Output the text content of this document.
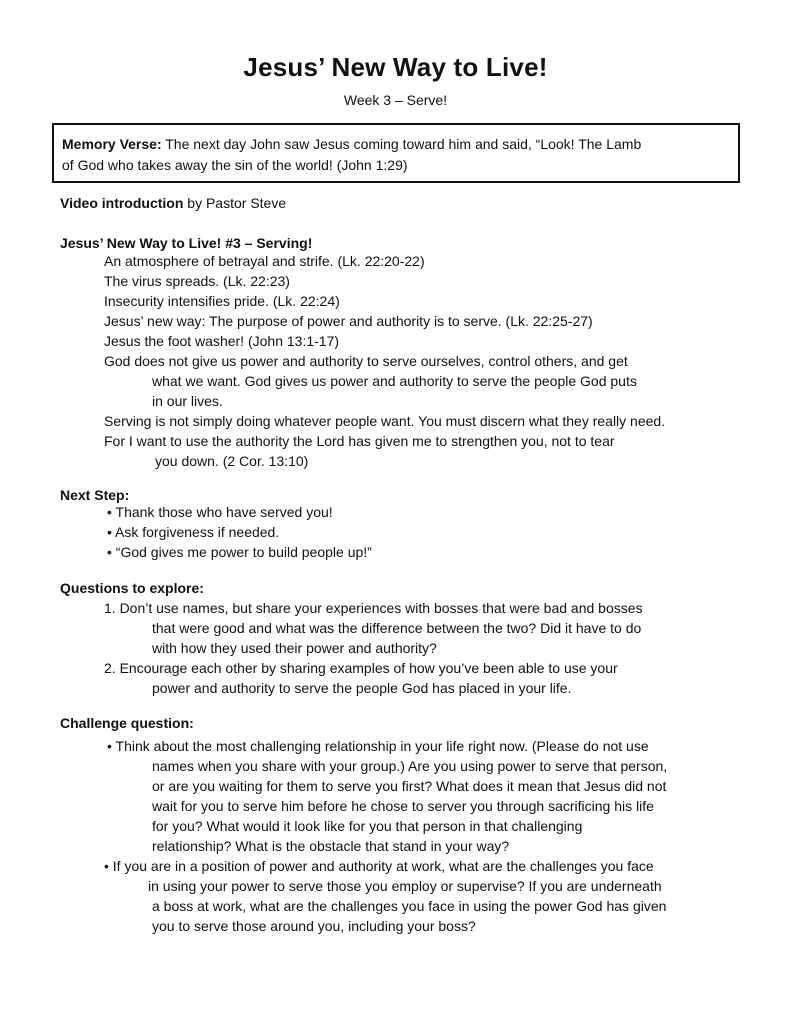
Jesus’ New Way to Live!
Week 3 – Serve!
Memory Verse: The next day John saw Jesus coming toward him and said, “Look! The Lamb
of God who takes away the sin of the world! (John 1:29)
Video introduction by Pastor Steve
Jesus’ New Way to Live! #3 – Serving!
An atmosphere of betrayal and strife. (Lk. 22:20-22)
The virus spreads. (Lk. 22:23)
Insecurity intensifies pride. (Lk. 22:24)
Jesus’ new way: The purpose of power and authority is to serve. (Lk. 22:25-27)
Jesus the foot washer! (John 13:1-17)
God does not give us power and authority to serve ourselves, control others, and get
what we want. God gives us power and authority to serve the people God puts
in our lives.
Serving is not simply doing whatever people want. You must discern what they really need.
For I want to use the authority the Lord has given me to strengthen you, not to tear
you down. (2 Cor. 13:10)
Next Step:
• Thank those who have served you!
• Ask forgiveness if needed.
• “God gives me power to build people up!”
Questions to explore:
1. Don’t use names, but share your experiences with bosses that were bad and bosses
that were good and what was the difference between the two? Did it have to do
with how they used their power and authority?
2. Encourage each other by sharing examples of how you’ve been able to use your
power and authority to serve the people God has placed in your life.
Challenge question:
• Think about the most challenging relationship in your life right now. (Please do not use
names when you share with your group.) Are you using power to serve that person,
or are you waiting for them to serve you first? What does it mean that Jesus did not
wait for you to serve him before he chose to server you through sacrificing his life
for you? What would it look like for you that person in that challenging
relationship? What is the obstacle that stand in your way?
• If you are in a position of power and authority at work, what are the challenges you face
in using your power to serve those you employ or supervise? If you are underneath
a boss at work, what are the challenges you face in using the power God has given
you to serve those around you, including your boss?
